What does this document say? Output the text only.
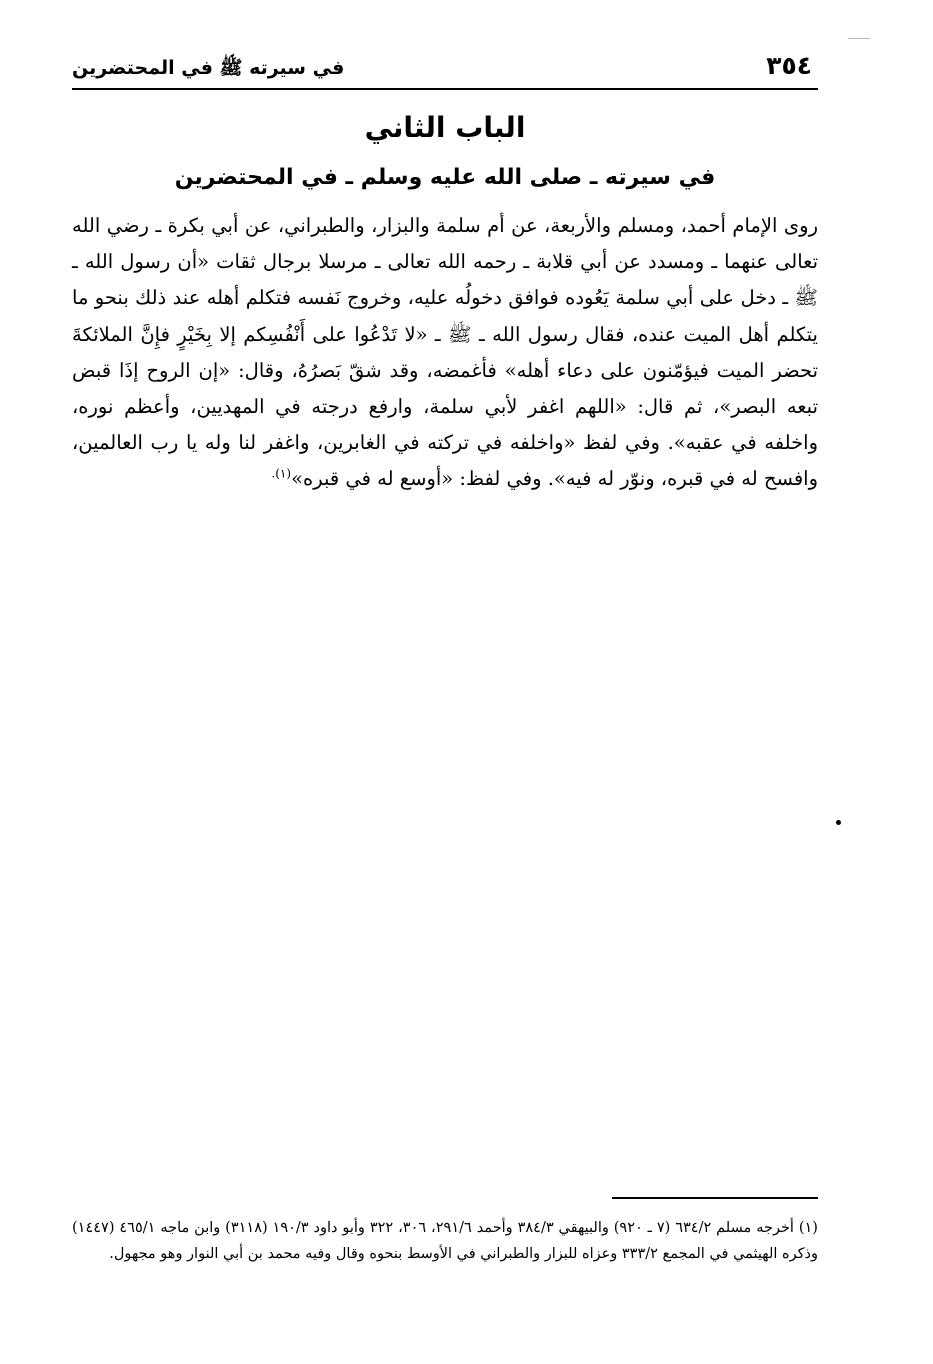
٣٥٤
في سيرته ﷺ في المحتضرين
الباب الثاني
في سيرته ـ صلى الله عليه وسلم ـ في المحتضرين

روى الإمام أحمد، ومسلم والأربعة، عن أم سلمة والبزار، والطبراني، عن أبي بكرة ـ رضي الله تعالى عنهما ـ ومسدد عن أبي قلابة ـ رحمه الله تعالى ـ مرسلا برجال ثقات «أن رسول الله ـ ﷺ ـ دخل على أبي سلمة يَعُوده فوافق دخولُه عليه، وخروج نَفسه فتكلم أهله عند ذلك بنحو ما يتكلم أهل الميت عنده، فقال رسول الله ـ ﷺ ـ «لا تَدْعُوا على أَنْفُسِكم إلا بِخَيْرٍ فإِنَّ الملائكةَ تحضر الميت فيؤمّنون على دعاء أهله» فأغمضه، وقد شقّ بَصرُهُ، وقال: «إن الروح إذَا قبض تبعه البصر»، ثم قال: «اللهم اغفر لأبي سلمة، وارفع درجته في المهديين، وأعظم نوره، واخلفه في عقبه». وفي لفظ «واخلفه في تركته في الغابرين، واغفر لنا وله يا رب العالمين، وافسح له في قبره، ونوّر له فيه». وفي لفظ: «أوسع له في قبره»$^{(١).}$

(١) أخرجه مسلم ٦٣٤/٢ (٧ ـ ٩٢٠) والبيهقي ٣٨٤/٣ وأحمد ٢٩١/٦، ٣٠٦، ٣٢٢ وأبو داود ١٩٠/٣ (٣١١٨) وابن ماجه ٤٦٥/١ (١٤٤٧) وذكره الهيثمي في المجمع ٣٣٣/٢ وعزاه للبزار والطبراني في الأوسط بنحوه وقال وفيه محمد بن أبي النوار وهو مجهول.
